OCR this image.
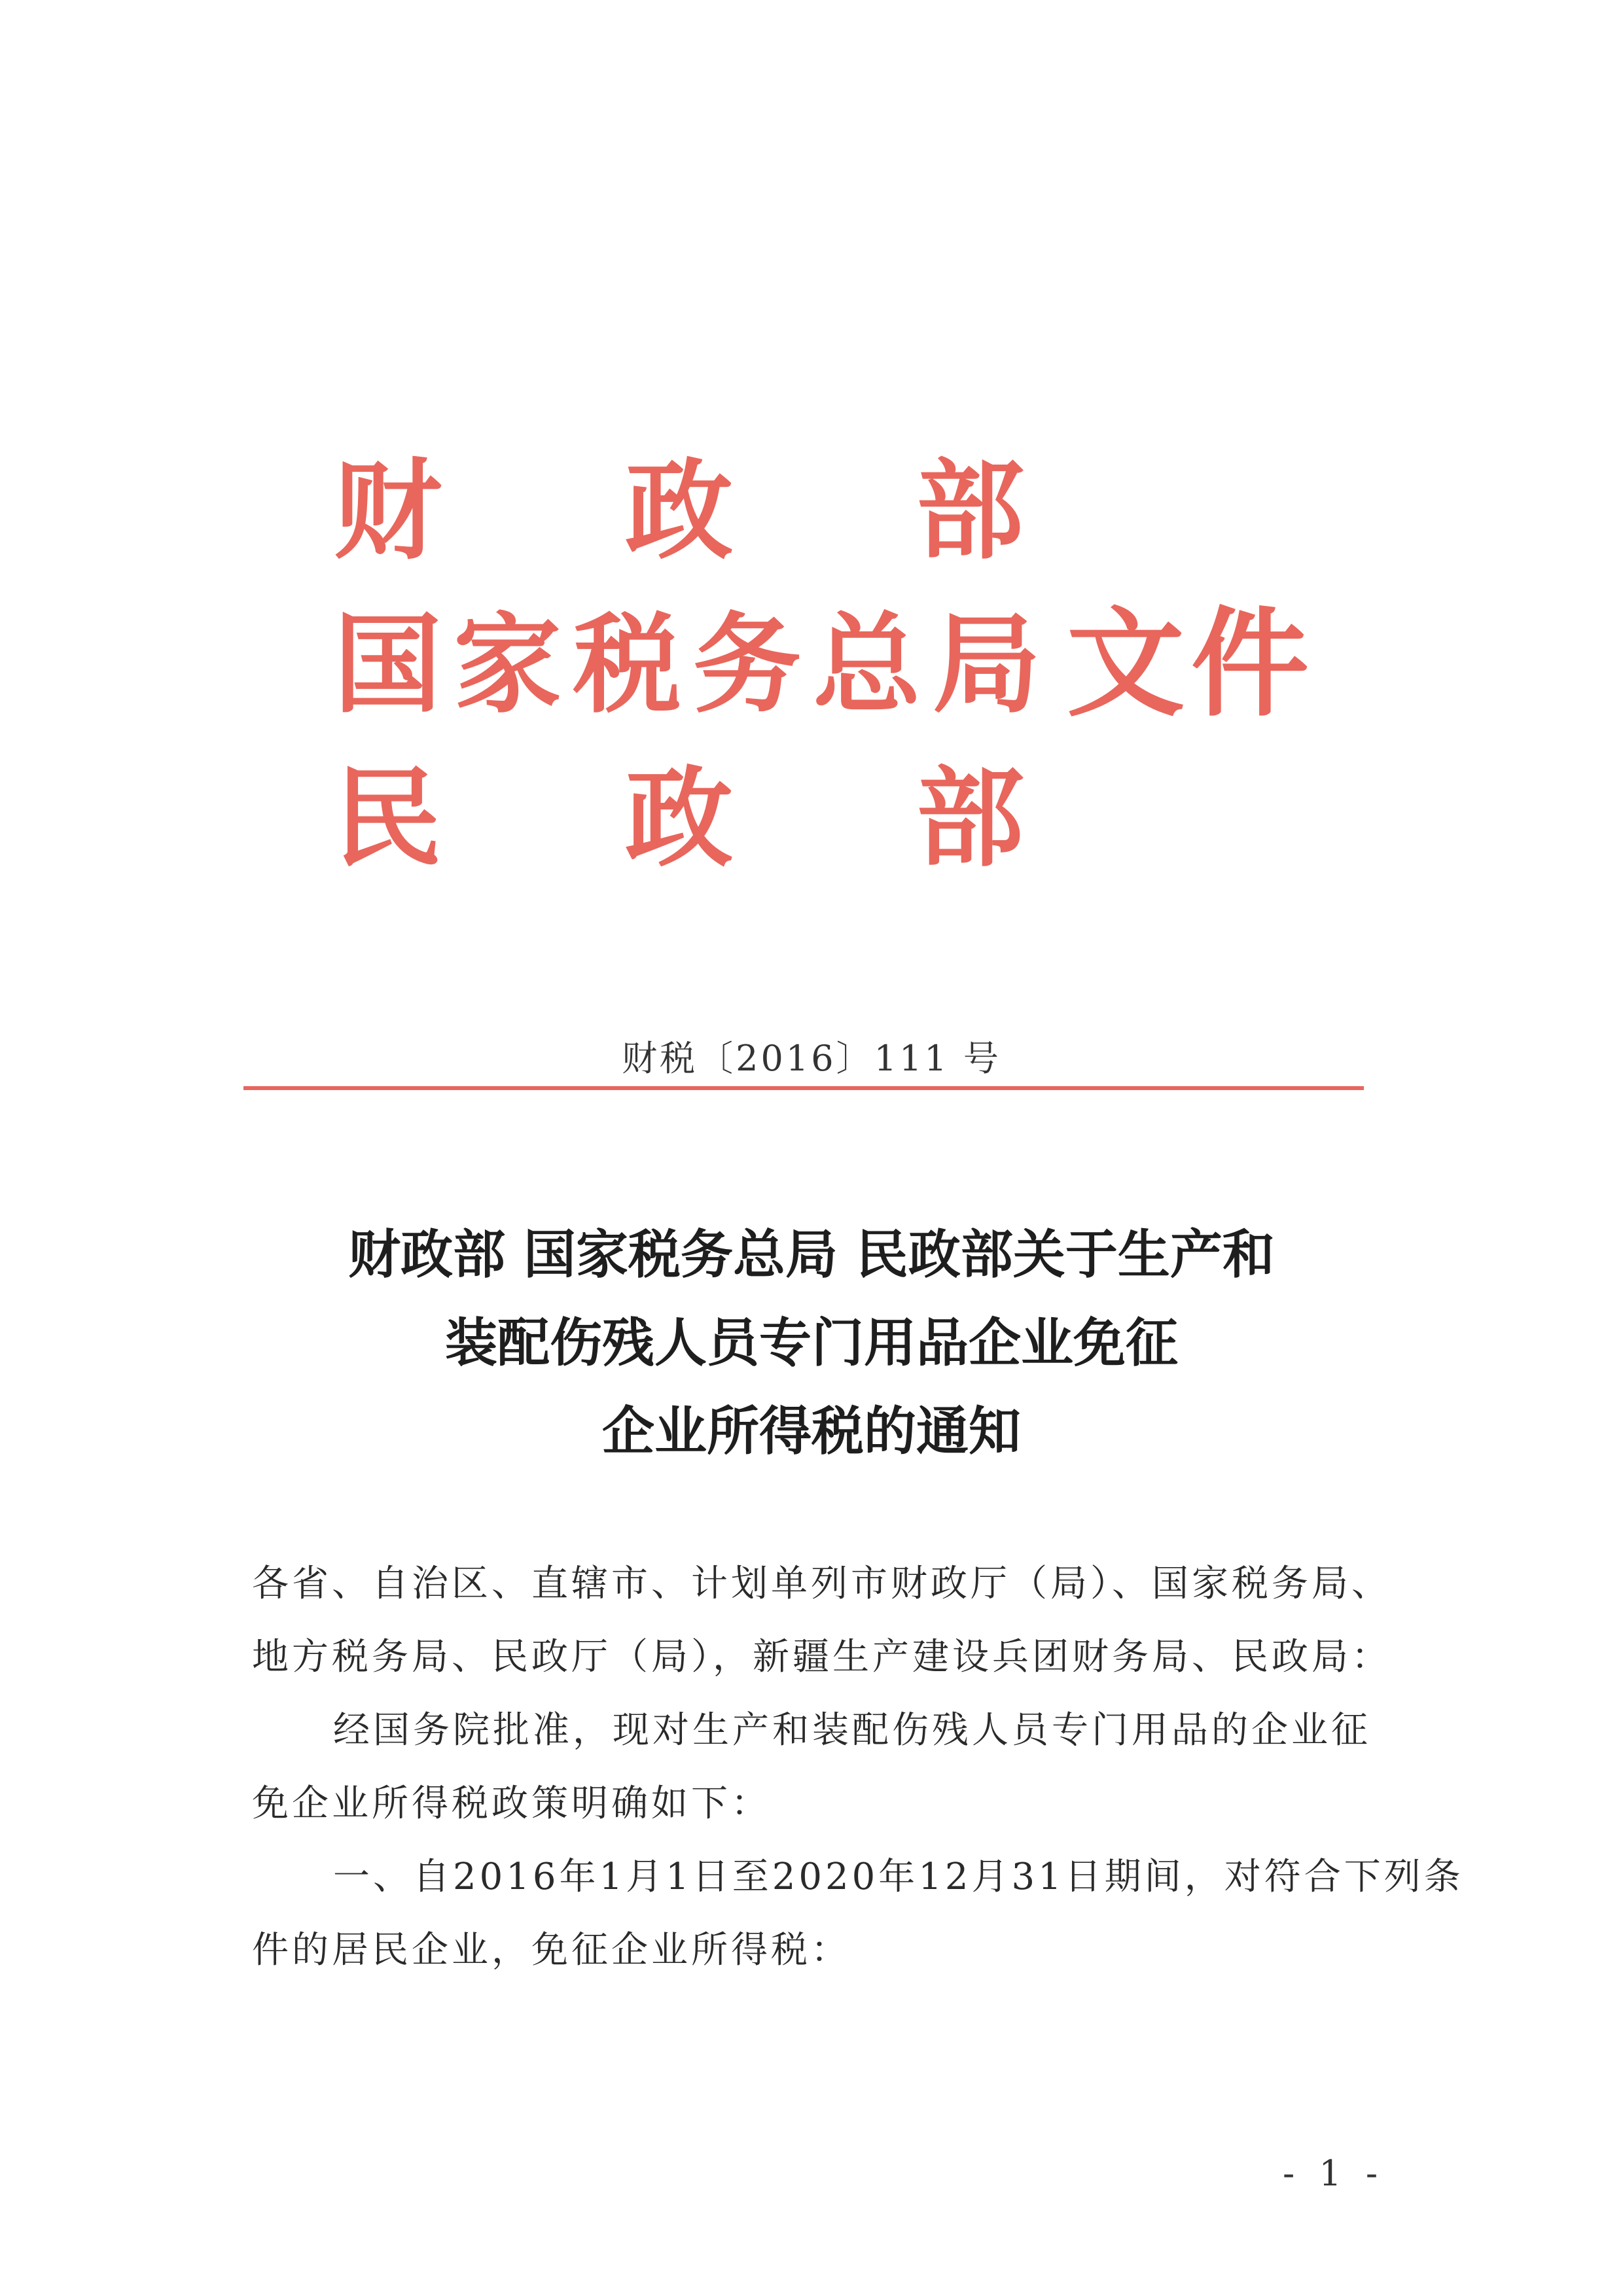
财政部
国家税务总局 文件
民政部
财税〔2016〕111 号
财政部 国家税务总局 民政部关于生产和
装配伤残人员专门用品企业免征
企业所得税的通知

各省、自治区、直辖市、计划单列市财政厅（局）、国家税务局、

地方税务局、民政厅（局），新疆生产建设兵团财务局、民政局：

经国务院批准，现对生产和装配伤残人员专门用品的企业征

免企业所得税政策明确如下：

一、自2016年1月1日至2020年12月31日期间，对符合下列条

件的居民企业，免征企业所得税：

- 1 -
